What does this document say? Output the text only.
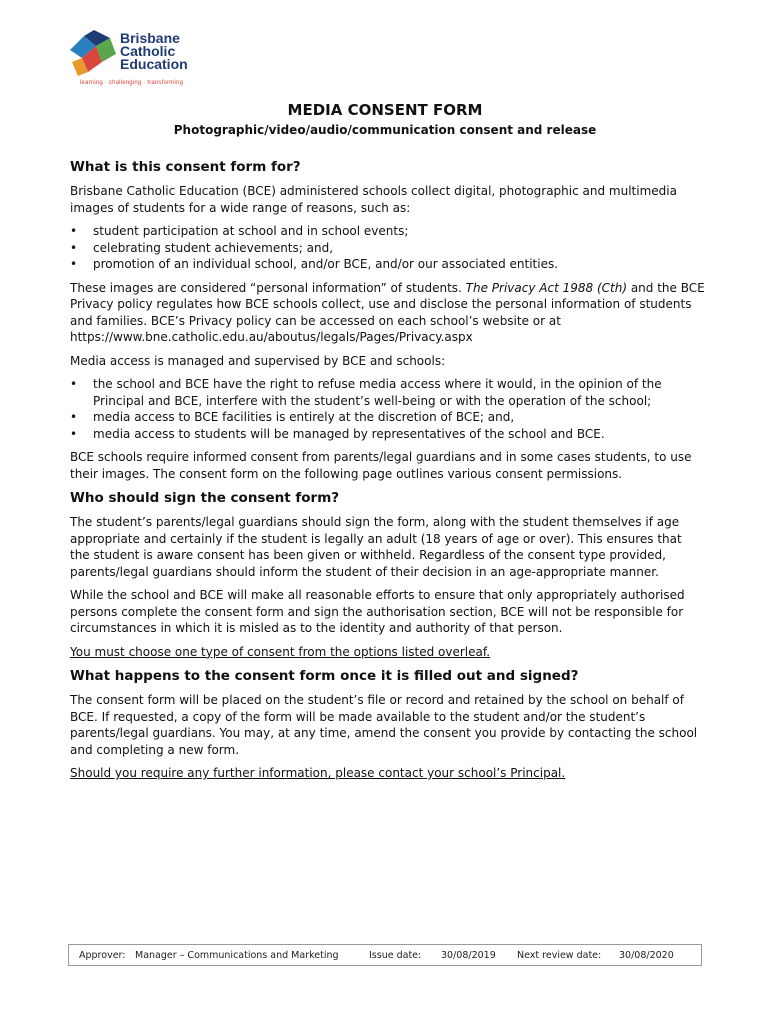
Brisbane
Catholic
Education
learning · challenging · transforming
MEDIA CONSENT FORM
Photographic/video/audio/communication consent and release
What is this consent form for?

Brisbane Catholic Education (BCE) administered schools collect digital, photographic and multimedia images of students for a wide range of reasons, such as:

• student participation at school and in school events;
• celebrating student achievements; and,
• promotion of an individual school, and/or BCE, and/or our associated entities.

These images are considered “personal information” of students. The Privacy Act 1988 (Cth) and the BCE Privacy policy regulates how BCE schools collect, use and disclose the personal information of students and families. BCE’s Privacy policy can be accessed on each school’s website or at https://www.bne.catholic.edu.au/aboutus/legals/Pages/Privacy.aspx

Media access is managed and supervised by BCE and schools:

• the school and BCE have the right to refuse media access where it would, in the opinion of the Principal and BCE, interfere with the student’s well-being or with the operation of the school;
• media access to BCE facilities is entirely at the discretion of BCE; and,
• media access to students will be managed by representatives of the school and BCE.

BCE schools require informed consent from parents/legal guardians and in some cases students, to use their images. The consent form on the following page outlines various consent permissions.

Who should sign the consent form?

The student’s parents/legal guardians should sign the form, along with the student themselves if age appropriate and certainly if the student is legally an adult (18 years of age or over). This ensures that the student is aware consent has been given or withheld. Regardless of the consent type provided, parents/legal guardians should inform the student of their decision in an age-appropriate manner.

While the school and BCE will make all reasonable efforts to ensure that only appropriately authorised persons complete the consent form and sign the authorisation section, BCE will not be responsible for circumstances in which it is misled as to the identity and authority of that person.

You must choose one type of consent from the options listed overleaf.

What happens to the consent form once it is filled out and signed?

The consent form will be placed on the student’s file or record and retained by the school on behalf of BCE. If requested, a copy of the form will be made available to the student and/or the student’s parents/legal guardians. You may, at any time, amend the consent you provide by contacting the school and completing a new form.

Should you require any further information, please contact your school’s Principal.

Approver: Manager – Communications and Marketing	Issue date: 30/08/2019 Next review date: 30/08/2020
